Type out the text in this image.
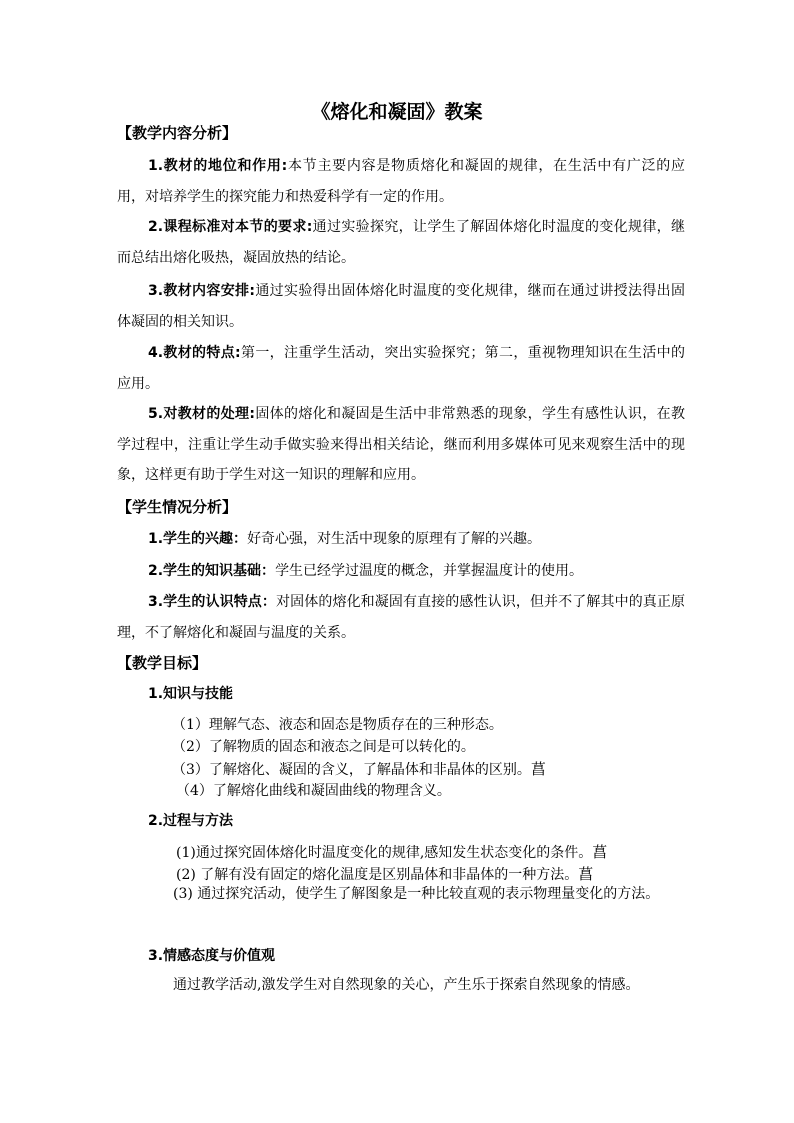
《熔化和凝固》教案
【教学内容分析】

1.教材的地位和作用:本节主要内容是物质熔化和凝固的规律，在生活中有广泛的应用，对培养学生的探究能力和热爱科学有一定的作用。

2.课程标准对本节的要求:通过实验探究，让学生了解固体熔化时温度的变化规律，继而总结出熔化吸热，凝固放热的结论。

3.教材内容安排:通过实验得出固体熔化时温度的变化规律，继而在通过讲授法得出固体凝固的相关知识。

4.教材的特点:第一，注重学生活动，突出实验探究；第二，重视物理知识在生活中的应用。

5.对教材的处理:固体的熔化和凝固是生活中非常熟悉的现象，学生有感性认识，在教学过程中，注重让学生动手做实验来得出相关结论，继而利用多媒体可见来观察生活中的现象，这样更有助于学生对这一知识的理解和应用。

【学生情况分析】

1.学生的兴趣：好奇心强，对生活中现象的原理有了解的兴趣。

2.学生的知识基础：学生已经学过温度的概念，并掌握温度计的使用。

3.学生的认识特点：对固体的熔化和凝固有直接的感性认识，但并不了解其中的真正原理，不了解熔化和凝固与温度的关系。

【教学目标】
1.知识与技能
（1）理解气态、液态和固态是物质存在的三种形态。
（2）了解物质的固态和液态之间是可以转化的。
（3）了解熔化、凝固的含义，了解晶体和非晶体的区别。菖
（4）了解熔化曲线和凝固曲线的物理含义。
2.过程与方法
(1)通过探究固体熔化时温度变化的规律,感知发生状态变化的条件。菖
(2) 了解有没有固定的熔化温度是区别晶体和非晶体的一种方法。菖

(3) 通过探究活动，使学生了解图象是一种比较直观的表示物理量变化的方法。

3.情感态度与价值观

通过教学活动,激发学生对自然现象的关心，产生乐于探索自然现象的情感。
